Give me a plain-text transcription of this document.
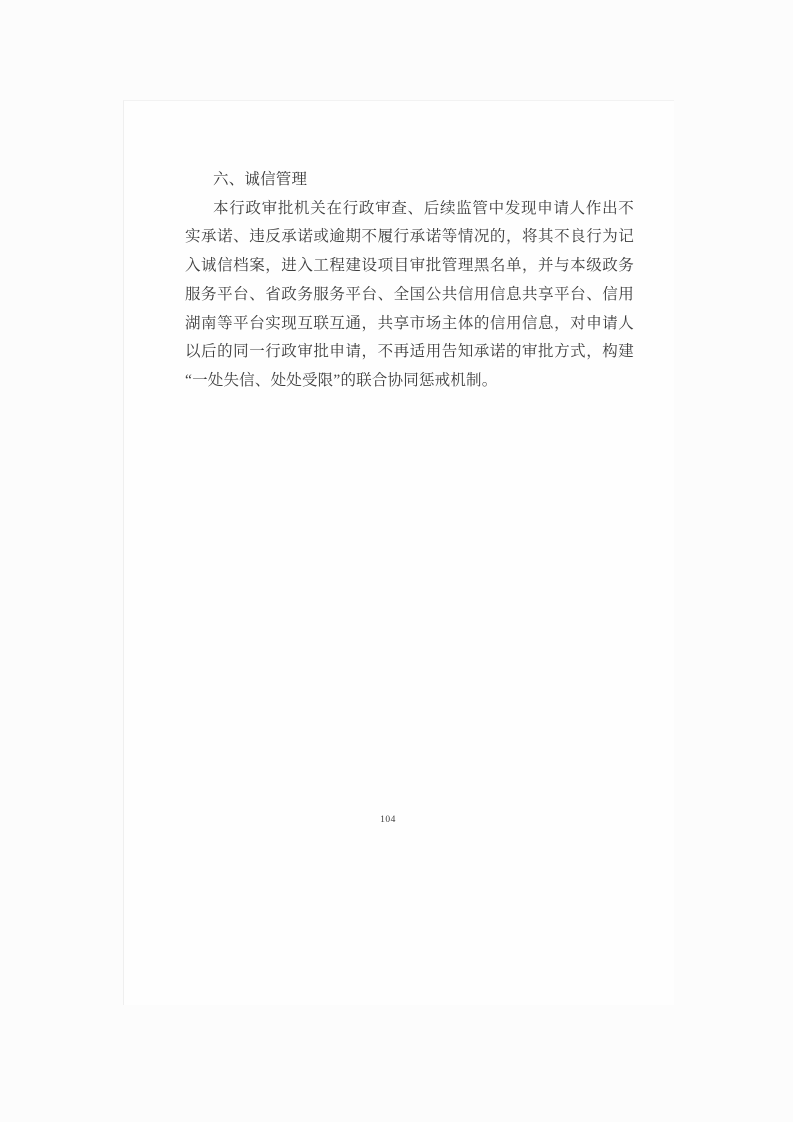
六、诚信管理
本行政审批机关在行政审查、后续监管中发现申请人作出不
实承诺、违反承诺或逾期不履行承诺等情况的，将其不良行为记
入诚信档案，进入工程建设项目审批管理黑名单，并与本级政务
服务平台、省政务服务平台、全国公共信用信息共享平台、信用
湖南等平台实现互联互通，共享市场主体的信用信息，对申请人
以后的同一行政审批申请，不再适用告知承诺的审批方式，构建
“一处失信、处处受限”的联合协同惩戒机制。
104
